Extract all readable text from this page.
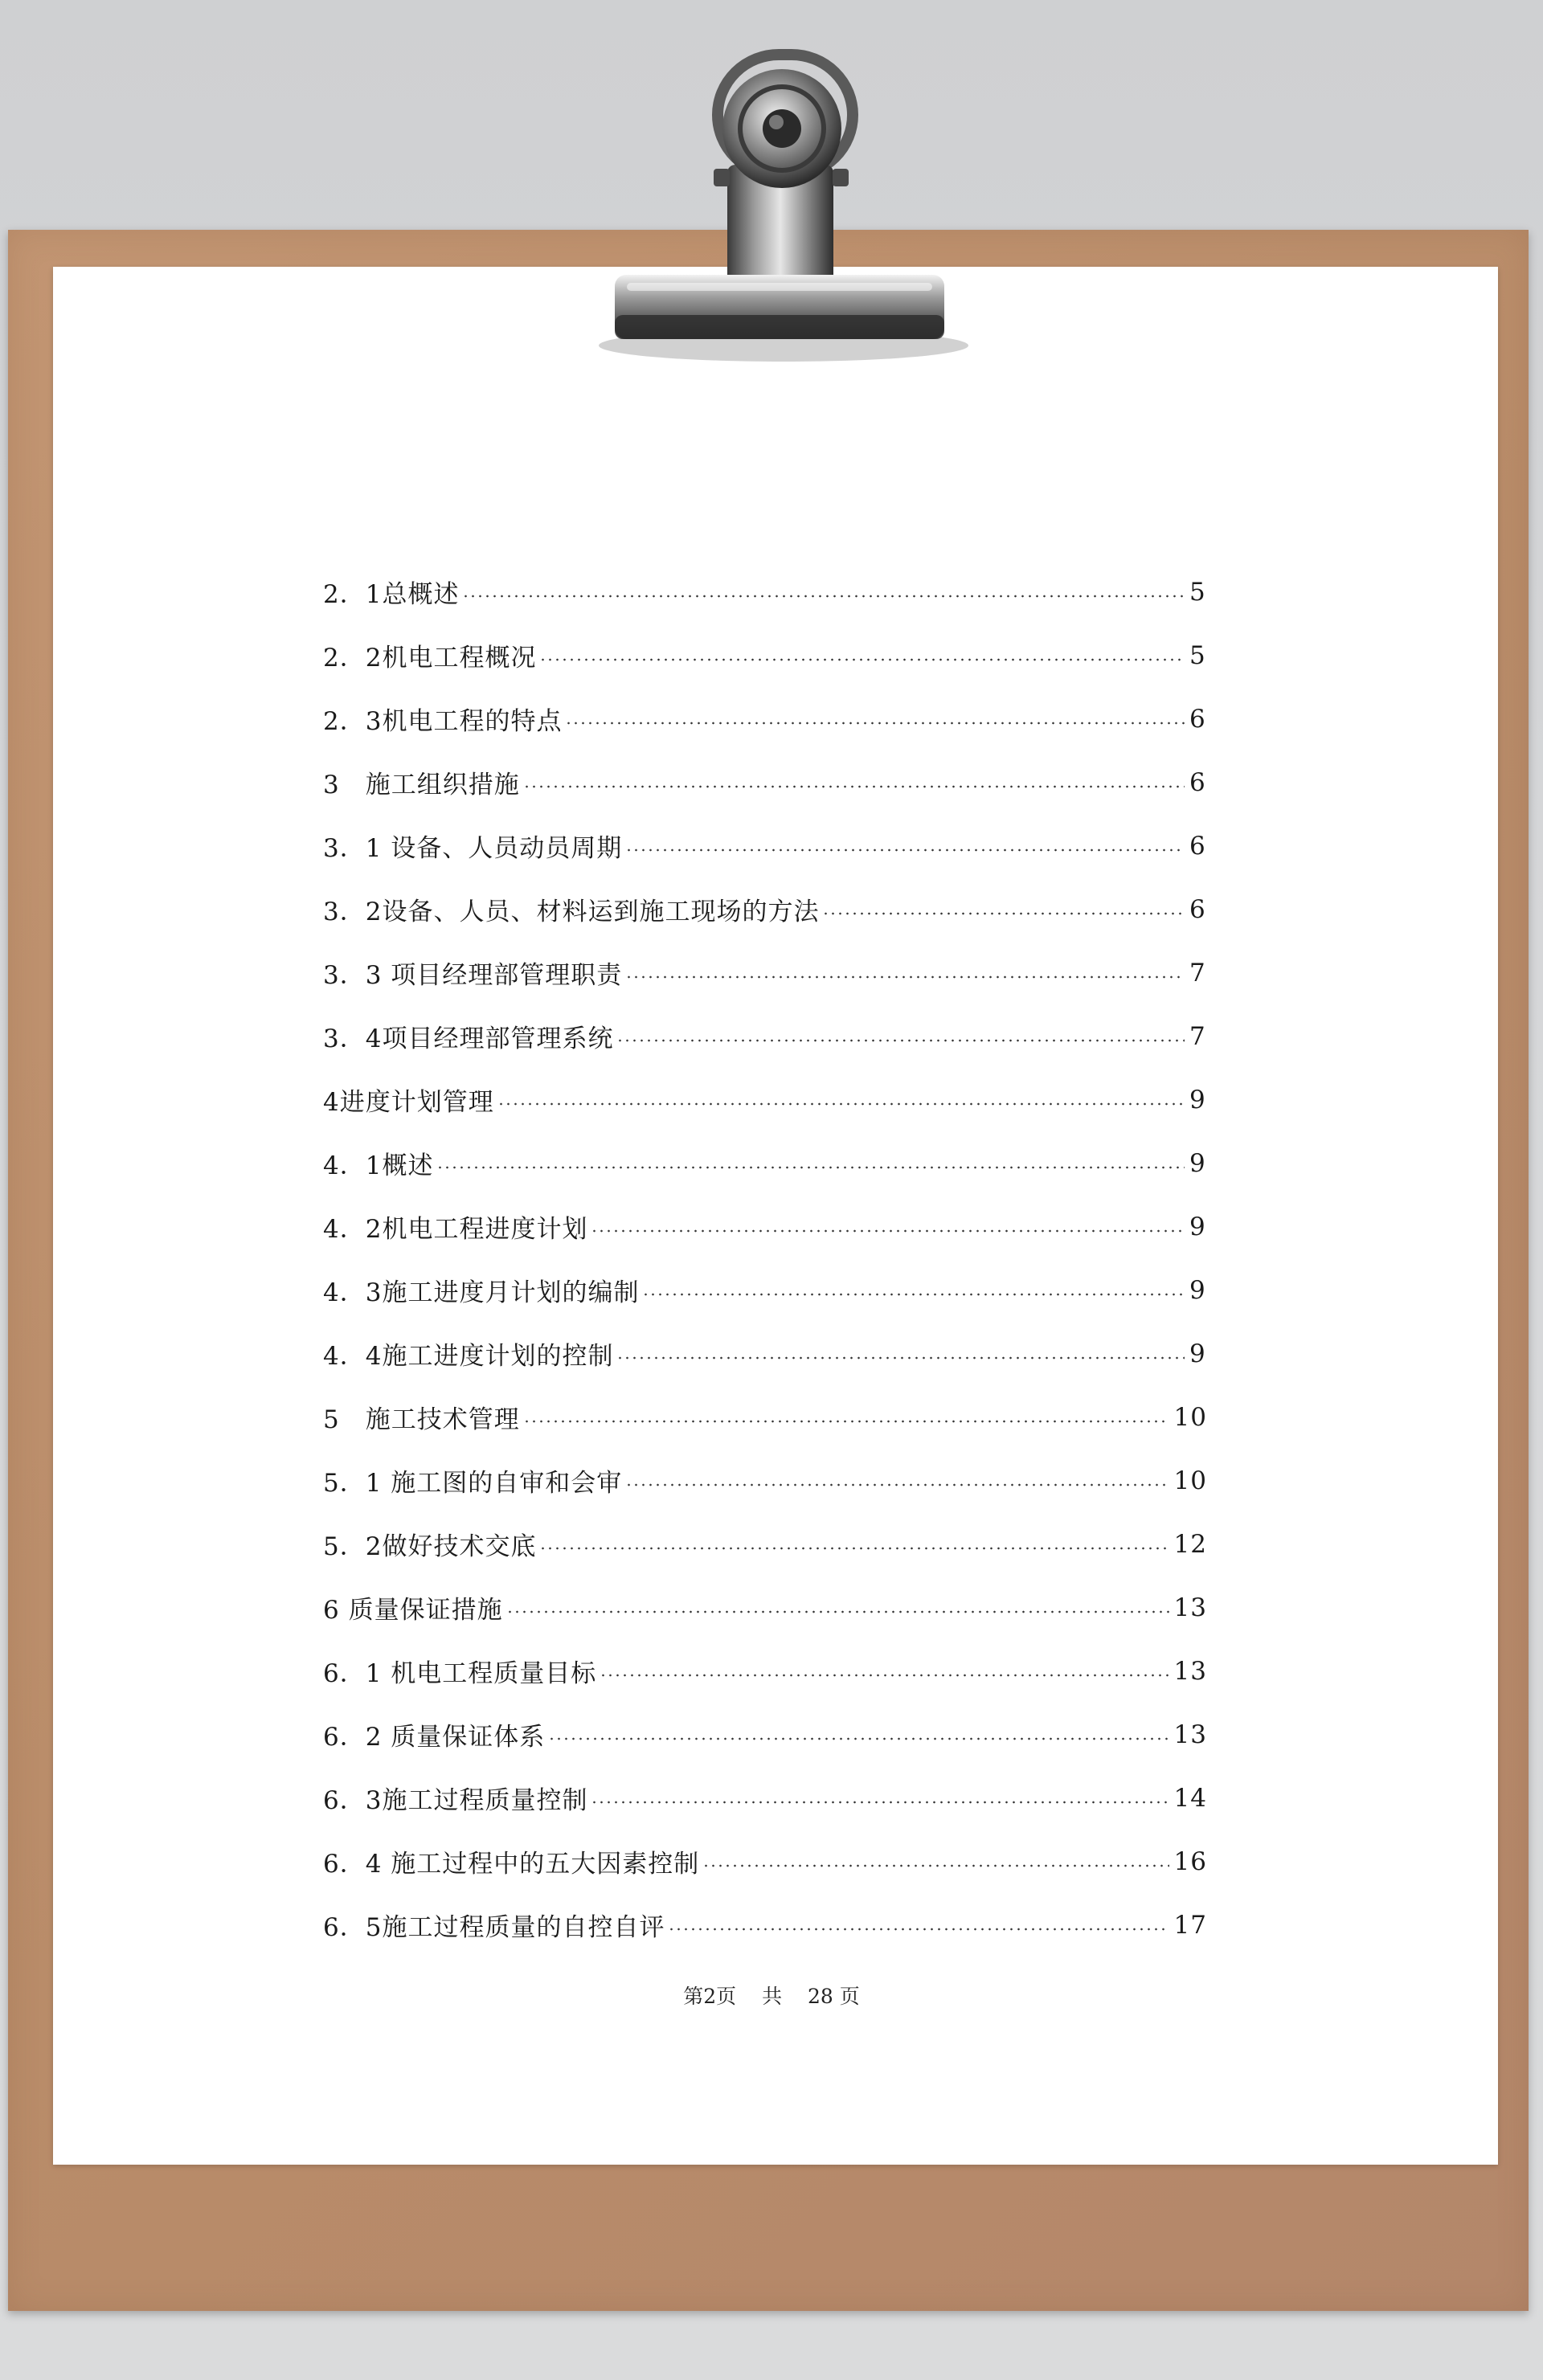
2．1总概述	5
2．2机电工程概况	5
2．3机电工程的特点	6
3　施工组织措施	6
3．1 设备、人员动员周期	6
3．2设备、人员、材料运到施工现场的方法	6
3．3 项目经理部管理职责	7
3．4项目经理部管理系统	7
4进度计划管理	9
4．1概述	9
4．2机电工程进度计划	9
4．3施工进度月计划的编制	9
4．4施工进度计划的控制	9
5　施工技术管理	10
5．1 施工图的自审和会审	10
5．2做好技术交底	12
6 质量保证措施	13
6．1 机电工程质量目标	13
6．2 质量保证体系	13
6．3施工过程质量控制	14
6．4 施工过程中的五大因素控制	16
6．5施工过程质量的自控自评	17
第2页 共 28 页
